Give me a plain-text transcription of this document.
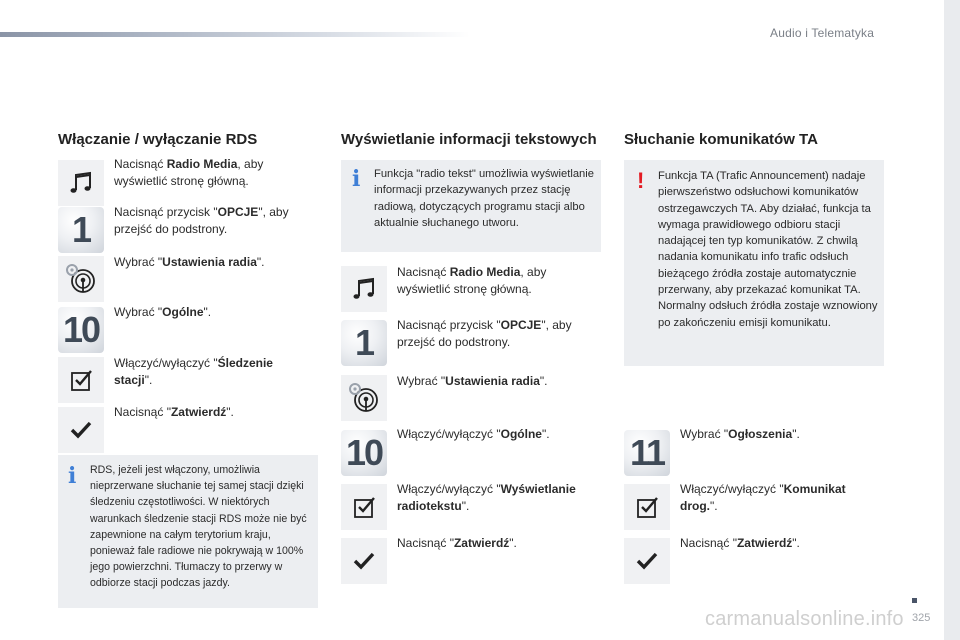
Audio i Telematyka
Włączanie / wyłączanie RDS
Nacisnąć Radio Media, aby wyświetlić stronę główną.
1	Nacisnąć przycisk "OPCJE", aby przejść do podstrony.
Wybrać "Ustawienia radia".
10	Wybrać "Ogólne".
Włączyć/wyłączyć "Śledzenie stacji".
Nacisnąć "Zatwierdź".
i RDS, jeżeli jest włączony, umożliwia nieprzerwane słuchanie tej samej stacji dzięki śledzeniu częstotliwości. W niektórych warunkach śledzenie stacji RDS może nie być zapewnione na całym terytorium kraju, ponieważ fale radiowe nie pokrywają w 100% jego powierzchni. Tłumaczy to przerwy w odbiorze stacji podczas jazdy.
Wyświetlanie informacji tekstowych
i Funkcja "radio tekst" umożliwia wyświetlanie informacji przekazywanych przez stację radiową, dotyczących programu stacji albo aktualnie słuchanego utworu.
Nacisnąć Radio Media, aby wyświetlić stronę główną.
1	Nacisnąć przycisk "OPCJE", aby przejść do podstrony.
Wybrać "Ustawienia radia".
10	Włączyć/wyłączyć "Ogólne".
Włączyć/wyłączyć "Wyświetlanie radiotekstu".
Nacisnąć "Zatwierdź".
Słuchanie komunikatów TA
! Funkcja TA (Trafic Announcement) nadaje pierwszeństwo odsłuchowi komunikatów ostrzegawczych TA. Aby działać, funkcja ta wymaga prawidłowego odbioru stacji nadającej ten typ komunikatów. Z chwilą nadania komunikatu info trafic odsłuch bieżącego źródła zostaje automatycznie przerwany, aby przekazać komunikat TA. Normalny odsłuch źródła zostaje wznowiony po zakończeniu emisji komunikatu.
11	Wybrać "Ogłoszenia".
Włączyć/wyłączyć "Komunikat drog.".
Nacisnąć "Zatwierdź".
325
carmanualsonline.info
